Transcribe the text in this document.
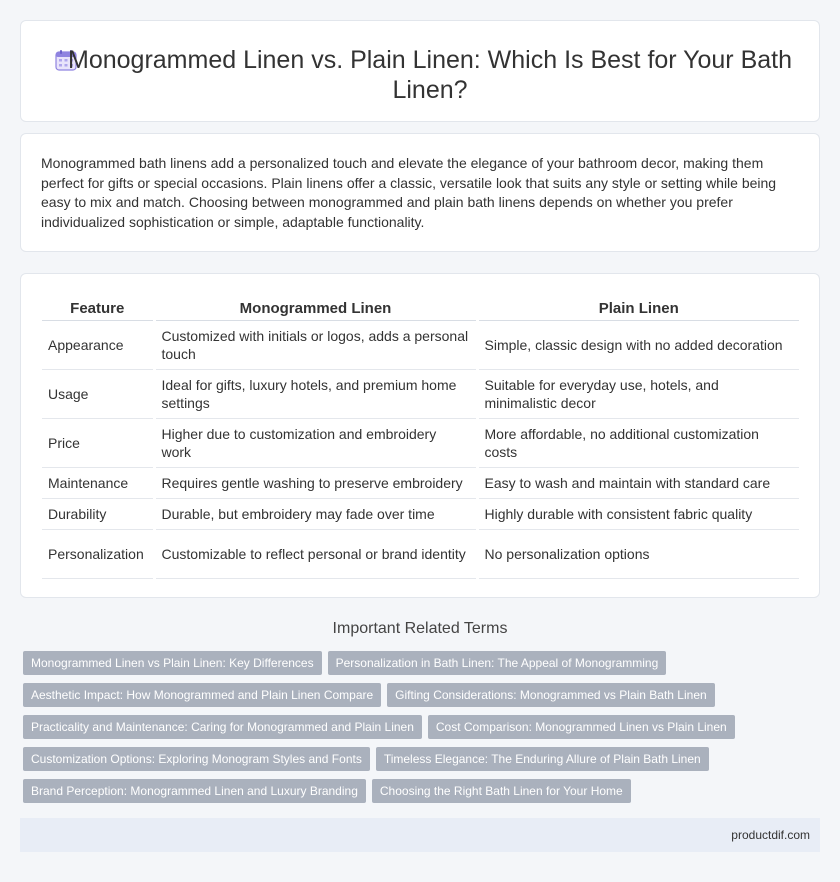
Monogrammed Linen vs. Plain Linen: Which Is Best for Your Bath Linen?

Monogrammed bath linens add a personalized touch and elevate the elegance of your bathroom decor, making them perfect for gifts or special occasions. Plain linens offer a classic, versatile look that suits any style or setting while being easy to mix and match. Choosing between monogrammed and plain bath linens depends on whether you prefer individualized sophistication or simple, adaptable functionality.

Feature	Monogrammed Linen	Plain Linen
Appearance	Customized with initials or logos, adds a personal touch	Simple, classic design with no added decoration
Usage	Ideal for gifts, luxury hotels, and premium home settings	Suitable for everyday use, hotels, and minimalistic decor
Price	Higher due to customization and embroidery work	More affordable, no additional customization costs
Maintenance	Requires gentle washing to preserve embroidery	Easy to wash and maintain with standard care
Durability	Durable, but embroidery may fade over time	Highly durable with consistent fabric quality
Personalization	Customizable to reflect personal or brand identity	No personalization options
Important Related Terms
Monogrammed Linen vs Plain Linen: Key Differences Personalization in Bath Linen: The Appeal of Monogramming
Aesthetic Impact: How Monogrammed and Plain Linen Compare Gifting Considerations: Monogrammed vs Plain Bath Linen
Practicality and Maintenance: Caring for Monogrammed and Plain Linen Cost Comparison: Monogrammed Linen vs Plain Linen
Customization Options: Exploring Monogram Styles and Fonts Timeless Elegance: The Enduring Allure of Plain Bath Linen
Brand Perception: Monogrammed Linen and Luxury Branding Choosing the Right Bath Linen for Your Home
productdif.com
